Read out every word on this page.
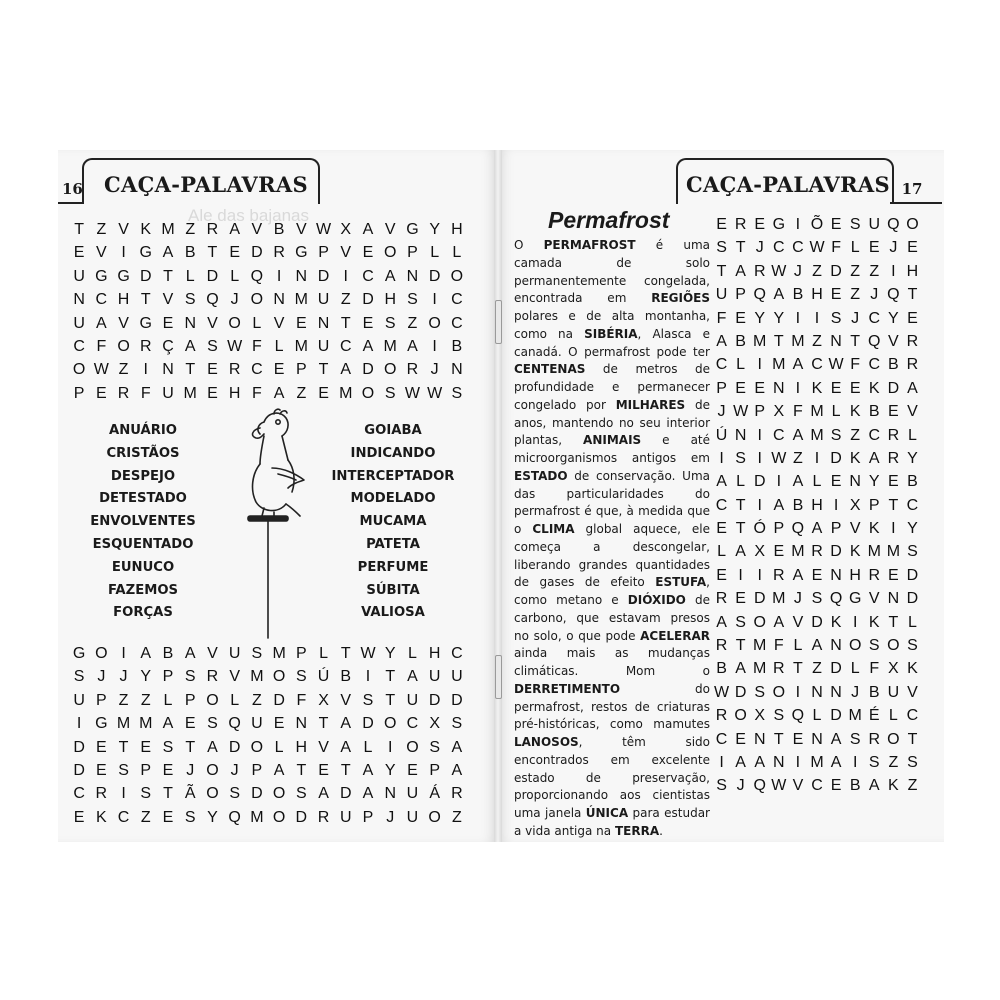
16 CAÇA-PALAVRAS
Ale das bajanas
T Z V K M Z R A V B V W X A V G Y H
E V I G A B T E D R G P V E O P L L
U G G D T L D L Q I N D I C A N D O
N C H T V S Q J O N M U Z D H S I C
U A V G E N V O L V E N T E S Z O C
C F O R Ç A S W F L M U C A M A I B
O W Z I N T E R C E P T A D O R J N
P E R F U M E H F A Z E M O S W W S
ANUÁRIO
CRISTÃOS
DESPEJO
DETESTADO
ENVOLVENTES
ESQUENTADO
EUNUCO
FAZEMOS
FORÇAS
GOIABA
INDICANDO
INTERCEPTADOR
MODELADO
MUCAMA
PATETA
PERFUME
SÚBITA
VALIOSA
G O I A B A V U S M P L T W Y L H C
S J J Y P S R V M O S Ú B I T A U U
U P Z Z L P O L Z D F X V S T U D D
I G M M A E S Q U E N T A D O C X S
D E T E S T A D O L H V A L I O S A
D E S P E J O J P A T E T A Y E P A
C R I S T Ã O S D O S A D A N U Á R
E K C Z E S Y Q M O D R U P J U O Z
CAÇA-PALAVRAS 17
Permafrost
O PERMAFROST é uma camada de solo permanentemente congelada, encontrada em REGIÕES polares e de alta montanha, como na SIBÉRIA, Alasca e canadá. O permafrost pode ter CENTENAS de metros de profundidade e permanecer congelado por MILHARES de anos, mantendo no seu interior plantas, ANIMAIS e até microorganismos antigos em ESTADO de conservação. Uma das particularidades do permafrost é que, à medida que o CLIMA global aquece, ele começa a descongelar, liberando grandes quantidades de gases de efeito ESTUFA, como metano e DIÓXIDO de carbono, que estavam presos no solo, o que pode ACELERAR ainda mais as mudanças climáticas. Mom o DERRETIMENTO do permafrost, restos de criaturas pré-históricas, como mamutes LANOSOS, têm sido encontrados em excelente estado de preservação, proporcionando aos cientistas uma janela ÚNICA para estudar a vida antiga na TERRA.
E R E G I Õ E S U Q O
S T J C C W F L E J E
T A R W J Z D Z Z I H
U P Q A B H E Z J Q T
F E Y Y I I S J C Y E
A B M T M Z N T Q V R
C L I M A C W F C B R
P E E N I K E E K D A
J W P X F M L K B E V
Ú N I C A M S Z C R L
I S I W Z I D K A R Y
A L D I A L E N Y E B
C T I A B H I X P T C
E T Ó P Q A P V K I Y
L A X E M R D K M M S
E I I R A E N H R E D
R E D M J S Q G V N D
A S O A V D K I K T L
R T M F L A N O S O S
B A M R T Z D L F X K
W D S O I N N J B U V
R O X S Q L D M É L C
C E N T E N A S R O T
I A A N I M A I S Z S
S J Q W V C E B A K Z
